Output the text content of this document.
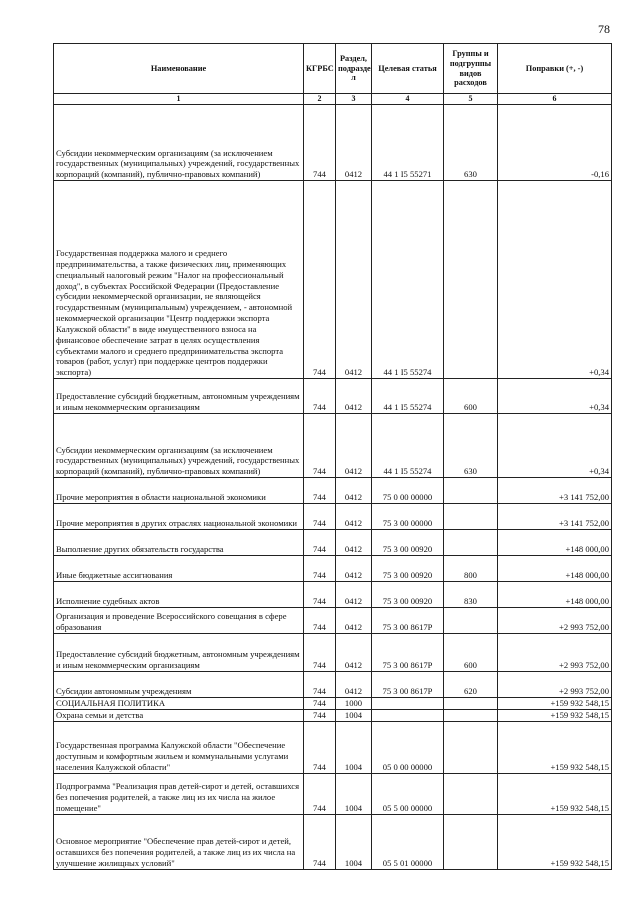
78
Наименование	КГРБС	Раздел, подразде л	Целевая статья	Группы и подгруппы видов расходов	Поправки (+, -)
1	2	3	4	5	6
Субсидии некоммерческим организациям (за исключением государственных (муниципальных) учреждений, государственных корпораций (компаний), публично-правовых компаний)	744	0412	44 1 I5 55271	630	-0,16
Государственная поддержка малого и среднего предпринимательства, а также физических лиц, применяющих специальный налоговый режим "Налог на профессиональный доход", в субъектах Российской Федерации (Предоставление субсидии некоммерческой организации, не являющейся государственным (муниципальным) учреждением, - автономной некоммерческой организации "Центр поддержки экспорта Калужской области" в виде имущественного взноса на финансовое обеспечение затрат в целях осуществления субъектами малого и среднего предпринимательства экспорта товаров (работ, услуг) при поддержке центров поддержки экспорта)	744	0412	44 1 I5 55274		+0,34
Предоставление субсидий бюджетным, автономным учреждениям и иным некоммерческим организациям	744	0412	44 1 I5 55274	600	+0,34
Субсидии некоммерческим организациям (за исключением государственных (муниципальных) учреждений, государственных корпораций (компаний), публично-правовых компаний)	744	0412	44 1 I5 55274	630	+0,34
Прочие мероприятия в области национальной экономики	744	0412	75 0 00 00000		+3 141 752,00
Прочие мероприятия в других отраслях национальной экономики	744	0412	75 3 00 00000		+3 141 752,00
Выполнение других обязательств государства	744	0412	75 3 00 00920		+148 000,00
Иные бюджетные ассигнования	744	0412	75 3 00 00920	800	+148 000,00
Исполнение судебных актов	744	0412	75 3 00 00920	830	+148 000,00
Организация и проведение Всероссийского совещания в сфере образования	744	0412	75 3 00 8617P		+2 993 752,00
Предоставление субсидий бюджетным, автономным учреждениям и иным некоммерческим организациям	744	0412	75 3 00 8617P	600	+2 993 752,00
Субсидии автономным учреждениям	744	0412	75 3 00 8617P	620	+2 993 752,00
СОЦИАЛЬНАЯ ПОЛИТИКА	744	1000			+159 932 548,15
Охрана семьи и детства	744	1004			+159 932 548,15
Государственная программа Калужской области "Обеспечение доступным и комфортным жильем и коммунальными услугами населения Калужской области"	744	1004	05 0 00 00000		+159 932 548,15
Подпрограмма "Реализация прав детей-сирот и детей, оставшихся без попечения родителей, а также лиц из их числа на жилое помещение"	744	1004	05 5 00 00000		+159 932 548,15
Основное мероприятие "Обеспечение прав детей-сирот и детей, оставшихся без попечения родителей, а также лиц из их числа на улучшение жилищных условий"	744	1004	05 5 01 00000		+159 932 548,15
